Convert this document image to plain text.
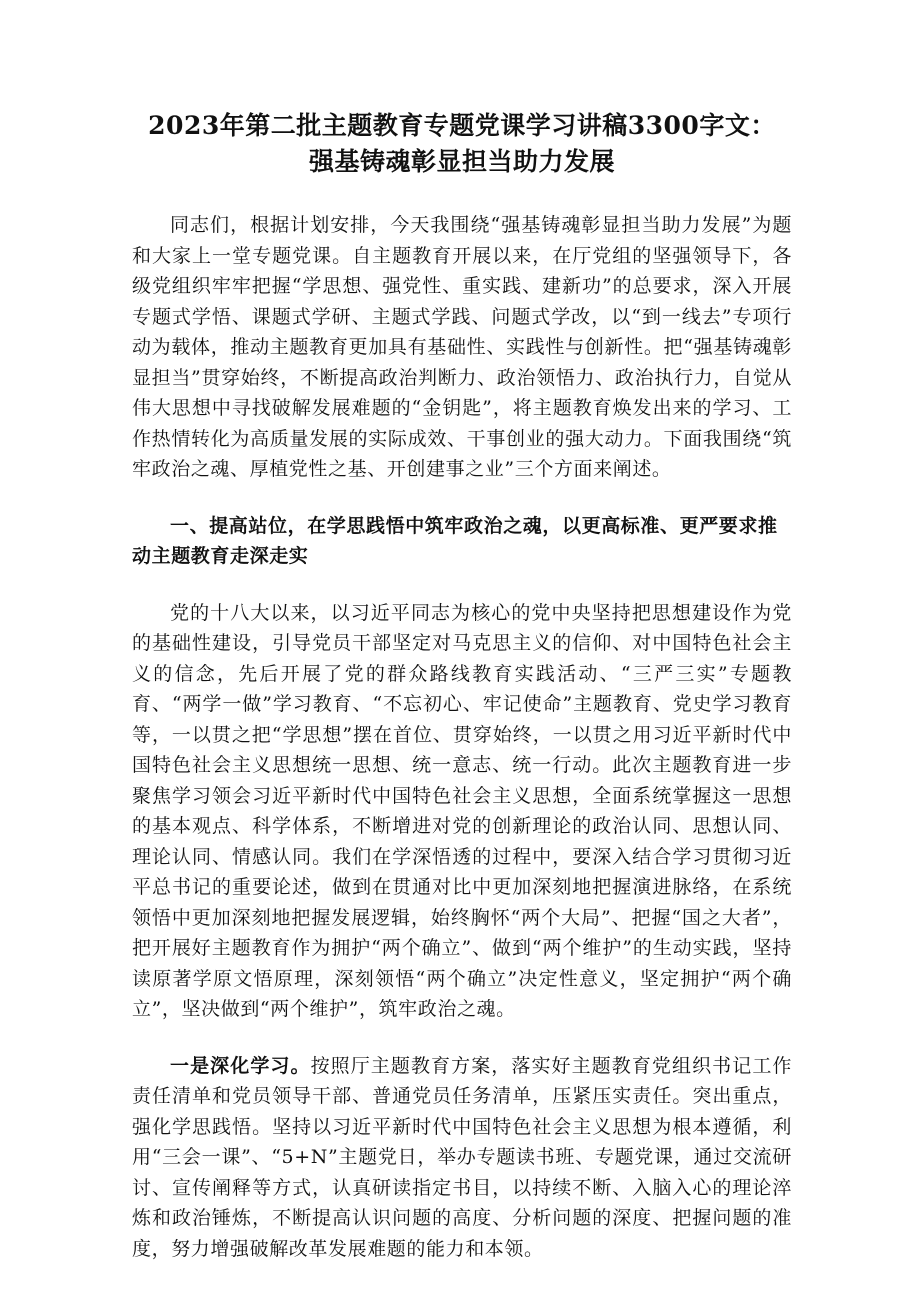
2023年第二批主题教育专题党课学习讲稿3300字文：
强基铸魂彰显担当助力发展

同志们，根据计划安排，今天我围绕“强基铸魂彰显担当助力发展”为题和大家上一堂专题党课。自主题教育开展以来，在厅党组的坚强领导下，各级党组织牢牢把握“学思想、强党性、重实践、建新功”的总要求，深入开展专题式学悟、课题式学研、主题式学践、问题式学改，以“到一线去”专项行动为载体，推动主题教育更加具有基础性、实践性与创新性。把“强基铸魂彰显担当”贯穿始终，不断提高政治判断力、政治领悟力、政治执行力，自觉从伟大思想中寻找破解发展难题的“金钥匙”，将主题教育焕发出来的学习、工作热情转化为高质量发展的实际成效、干事创业的强大动力。下面我围绕“筑牢政治之魂、厚植党性之基、开创建事之业”三个方面来阐述。

一、提高站位，在学思践悟中筑牢政治之魂，以更高标准、更严要求推动主题教育走深走实

党的十八大以来，以习近平同志为核心的党中央坚持把思想建设作为党的基础性建设，引导党员干部坚定对马克思主义的信仰、对中国特色社会主义的信念，先后开展了党的群众路线教育实践活动、“三严三实”专题教育、“两学一做”学习教育、“不忘初心、牢记使命”主题教育、党史学习教育等，一以贯之把“学思想”摆在首位、贯穿始终，一以贯之用习近平新时代中国特色社会主义思想统一思想、统一意志、统一行动。此次主题教育进一步聚焦学习领会习近平新时代中国特色社会主义思想，全面系统掌握这一思想的基本观点、科学体系，不断增进对党的创新理论的政治认同、思想认同、理论认同、情感认同。我们在学深悟透的过程中，要深入结合学习贯彻习近平总书记的重要论述，做到在贯通对比中更加深刻地把握演进脉络，在系统领悟中更加深刻地把握发展逻辑，始终胸怀“两个大局”、把握“国之大者”，把开展好主题教育作为拥护“两个确立”、做到“两个维护”的生动实践，坚持读原著学原文悟原理，深刻领悟“两个确立”决定性意义，坚定拥护“两个确立”，坚决做到“两个维护”，筑牢政治之魂。

一是深化学习。按照厅主题教育方案，落实好主题教育党组织书记工作责任清单和党员领导干部、普通党员任务清单，压紧压实责任。突出重点，强化学思践悟。坚持以习近平新时代中国特色社会主义思想为根本遵循，利用“三会一课”、“5+N”主题党日，举办专题读书班、专题党课，通过交流研讨、宣传阐释等方式，认真研读指定书目，以持续不断、入脑入心的理论淬炼和政治锤炼，不断提高认识问题的高度、分析问题的深度、把握问题的准度，努力增强破解改革发展难题的能力和本领。
